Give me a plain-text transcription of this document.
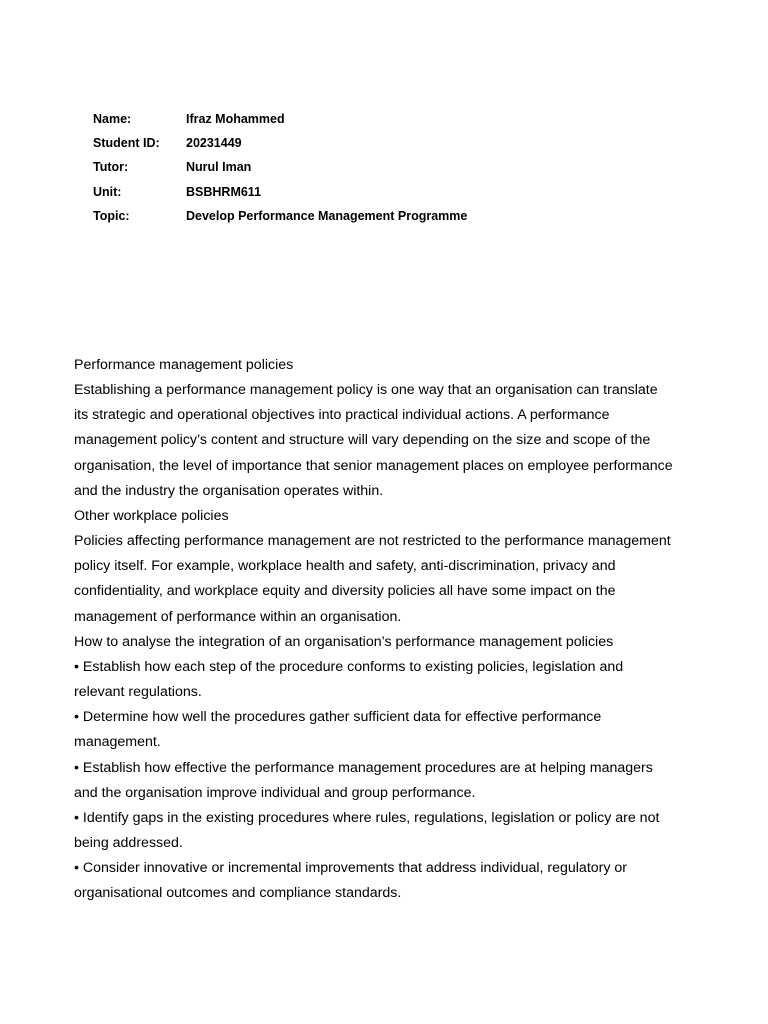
Name:	Ifraz Mohammed
Student ID:	20231449
Tutor:	Nurul Iman
Unit:	BSBHRM611
Topic:	Develop Performance Management Programme

Performance management policies

Establishing a performance management policy is one way that an organisation can translate its strategic and operational objectives into practical individual actions. A performance management policy’s content and structure will vary depending on the size and scope of the organisation, the level of importance that senior management places on employee performance and the industry the organisation operates within.

Other workplace policies

Policies affecting performance management are not restricted to the performance management policy itself. For example, workplace health and safety, anti-discrimination, privacy and confidentiality, and workplace equity and diversity policies all have some impact on the management of performance within an organisation.

How to analyse the integration of an organisation’s performance management policies

• Establish how each step of the procedure conforms to existing policies, legislation and relevant regulations.

• Determine how well the procedures gather sufficient data for effective performance management.

• Establish how effective the performance management procedures are at helping managers and the organisation improve individual and group performance.

• Identify gaps in the existing procedures where rules, regulations, legislation or policy are not being addressed.

• Consider innovative or incremental improvements that address individual, regulatory or organisational outcomes and compliance standards.
